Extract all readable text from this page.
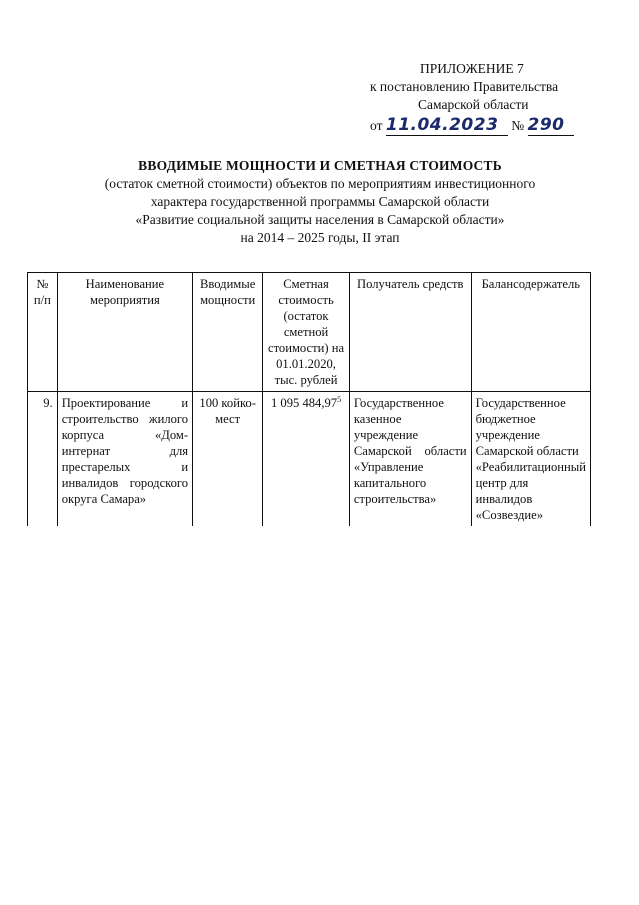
ПРИЛОЖЕНИЕ 7
к постановлению Правительства
Самарской области
от 11.04.2023 № 290
ВВОДИМЫЕ МОЩНОСТИ И СМЕТНАЯ СТОИМОСТЬ
(остаток сметной стоимости) объектов по мероприятиям инвестиционного
характера государственной программы Самарской области
«Развитие социальной защиты населения в Самарской области»
на 2014 – 2025 годы, II этап
№ п/п	Наименование мероприятия	Вводимые мощности	Сметная стоимость (остаток сметной стоимости) на 01.01.2020, тыс. рублей	Получатель средств	Балансодержатель
9.	Проектирование и строительство жилого корпуса «Дом-интернат для престарелых и инвалидов городского округа Самара»	100 койко-мест	1 095 484,97$^5$	Государственное казенное учреждение Самарской области «Управление капитального строительства»	Государственное бюджетное учреждение Самарской области «Реабилитационный центр для инвалидов «Созвездие»
